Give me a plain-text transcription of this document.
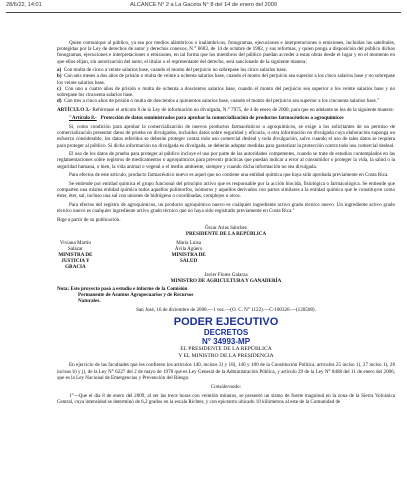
28/6/22, 14:01	ALCANCE N° 2 a La Gaceta N° 8 del 14 de enero del 2009

Quien comunique al público, ya sea por medios alámbricos o inalámbricos, fonogramas, ejecuciones e interpretaciones o emisiones, incluidas las satelitales, protegidas por la Ley de derechos de autor y derechos conexos, N.° 6683, de 14 de octubre de 1982, y sus reformas, y quien ponga a disposición del público dichos fonogramas, ejecuciones e interpretaciones o emisiones, en tal forma que los miembros del público puedan acceder a estas obras desde el lugar y en el momento en que ellos elijan, sin autorización del autor, el titular o el representante del derecho, será sancionado de la siguiente manera:

a) Con multa de cinco a veinte salarios base, cuando el monto del perjuicio no sobrepase los cinco salarios base.
b) Con seis meses a dos años de prisión o multa de veinte a ochenta salarios base, cuando el monto del perjuicio sea superior a los cinco salarios base y no sobrepase los veinte salarios base.
c) Con uno a cuatro años de prisión o multa de ochenta a doscientos salarios base, cuando el monto del perjuicio sea superior a los veinte salarios base y no sobrepase los cincuenta salarios base.
d) Con tres a cinco años de prisión o multa de doscientos a quinientos salarios base, cuando el monto del perjuicio sea superior a los cincuenta salarios base."

ARTÍCULO 3.- Refórmase el artículo 8 de la Ley de información no divulgada, N.° 7975, de 4 de enero de 2000, para que en adelante se lea de la siguiente manera:

"Artículo 8.- Protección de datos suministrados para aprobar la comercialización de productos farmacéuticos o agroquímicos

Si, como condición para aprobar la comercialización de nuevos productos farmacéuticos o agroquímicos, se exige a los solicitantes de un permiso de comercialización presentar datos de prueba no divulgados, incluidos datos sobre seguridad y eficacia, u otra información no divulgada cuya elaboración suponga un esfuerzo considerable, los datos referidos se deberán proteger contra todo uso comercial desleal y toda divulgación, salvo cuando el uso de tales datos se requiera para proteger al público. Si dicha información no divulgada es divulgada, se deberán adoptar medidas para garantizar la protección contra todo uso comercial desleal.

El uso de los datos de prueba para proteger al público incluye el uso por parte de las autoridades competentes, cuando se trate de estudios contemplados en las reglamentaciones sobre registros de medicamentos o agroquímicos para prevenir prácticas que puedan indicar a error al consumidor o proteger la vida, la salud o la seguridad humana, o bien, la vida animal o vegetal o el medio ambiente, siempre y cuando dicha información no sea divulgada.

Para efectos de este artículo, producto farmacéutico nuevo es aquel que no contiene una entidad química que haya sido aprobada previamente en Costa Rica.

Se entiende por entidad química el grupo funcional del principio activo que es responsable por la acción biocida, fisiológica o farmacológica. Se entiende que comparten una misma entidad química todos aquellos polimorfos, isómeros y aquellos derivados con partes similares a la entidad química que le constituyen como éster, éter, sal, incluso una sal con uniones de hidrógeno o coordinadas, complejos u otros.

Para efectos del registro de agroquímicos, un producto agroquímico nuevo es cualquier ingrediente activo grado técnico nuevo. Un ingrediente activo grado técnico nuevo es cualquier ingrediente activo grado técnico que no haya sido registrado previamente en Costa Rica."

Rige a partir de su publicación.

Óscar Arias Sánchez
PRESIDENTE DE LA REPÚBLICA
Viviana Martín Salazar
MINISTRA DE JUSTICIA Y GRACIA
María Luisa Ávila Agüero
MINISTRA DE SALUD
Javier Flores Galarza
MINISTRO DE AGRICULTURA Y GANADERÍA
Nota: Este proyecto pasó a estudio e informe de la Comisión
Permanente de Asuntos Agropecuarios y de Recursos
Naturales.

San José, 16 de diciembre de 2008.—1 vez.—(O. C. N° 1122).—C-100320.—(120508).

PODER EJECUTIVO
DECRETOS
N° 34993-MP
EL PRESIDENTE DE LA REPÚBLICA
Y EL MINISTRO DE LA PRESIDENCIA

En ejercicio de las facultades que les confieren los artículos 140, incisos 3) y 18), 146 y 180 de la Constitución Política, artículos 25 inciso 1), 27 inciso 1), 28 incisos b) y j), de la Ley N° 6227 del 2 de mayo de 1978 que es Ley General de la Administración Pública, y artículo 29 de la Ley N° 8488 del 11 de enero del 2006, que es la Ley Nacional de Emergencias y Prevención del Riesgo.

Considerando:

1°—Que el día 8 de enero del 2009, al ser las trece horas con veintiún minutos, se presentó un sismo de fuerte magnitud en la zona de la Sierra Volcánica Central, cuya intensidad se determinó de 6,2 grados en la escala Richter, y con epicentro ubicado 10 kilómetros al este de la Comunidad de
